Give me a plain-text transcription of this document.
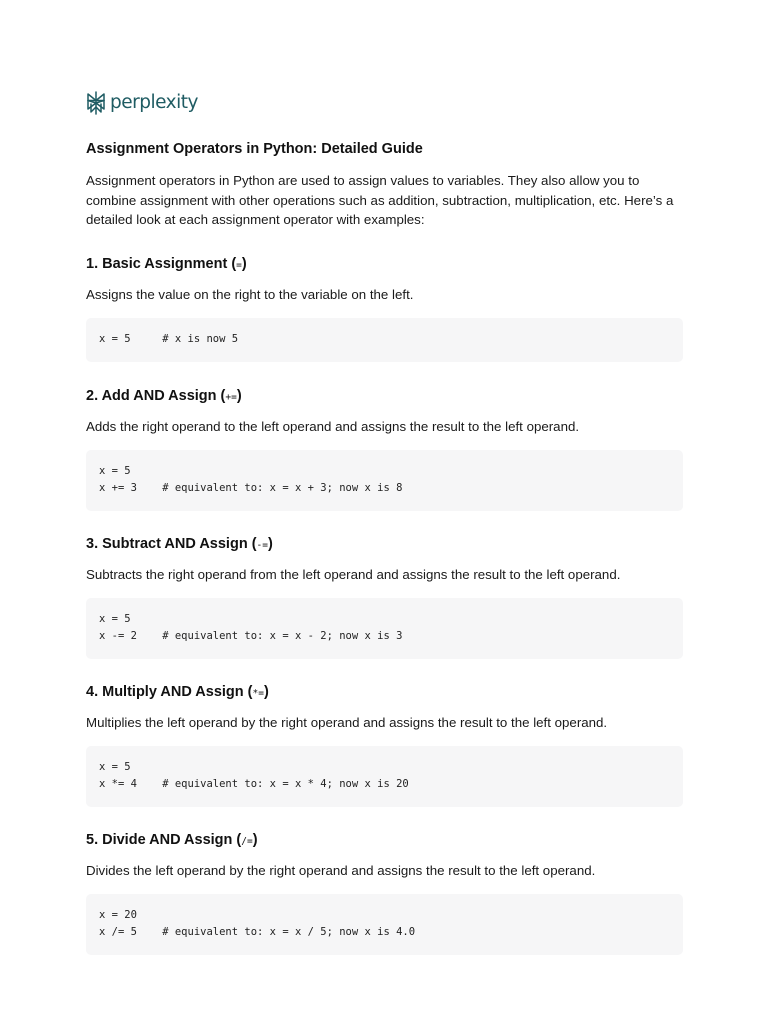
perplexity
Assignment Operators in Python: Detailed Guide

Assignment operators in Python are used to assign values to variables. They also allow you to combine assignment with other operations such as addition, subtraction, multiplication, etc. Here’s a detailed look at each assignment operator with examples:

1. Basic Assignment (=)

Assigns the value on the right to the variable on the left.

x = 5     # x is now 5
2. Add AND Assign (+=)

Adds the right operand to the left operand and assigns the result to the left operand.

x = 5
x += 3    # equivalent to: x = x + 3; now x is 8
3. Subtract AND Assign (-=)

Subtracts the right operand from the left operand and assigns the result to the left operand.

x = 5
x -= 2    # equivalent to: x = x - 2; now x is 3
4. Multiply AND Assign (*=)

Multiplies the left operand by the right operand and assigns the result to the left operand.

x = 5
x *= 4    # equivalent to: x = x * 4; now x is 20
5. Divide AND Assign (/=)

Divides the left operand by the right operand and assigns the result to the left operand.

x = 20
x /= 5    # equivalent to: x = x / 5; now x is 4.0
